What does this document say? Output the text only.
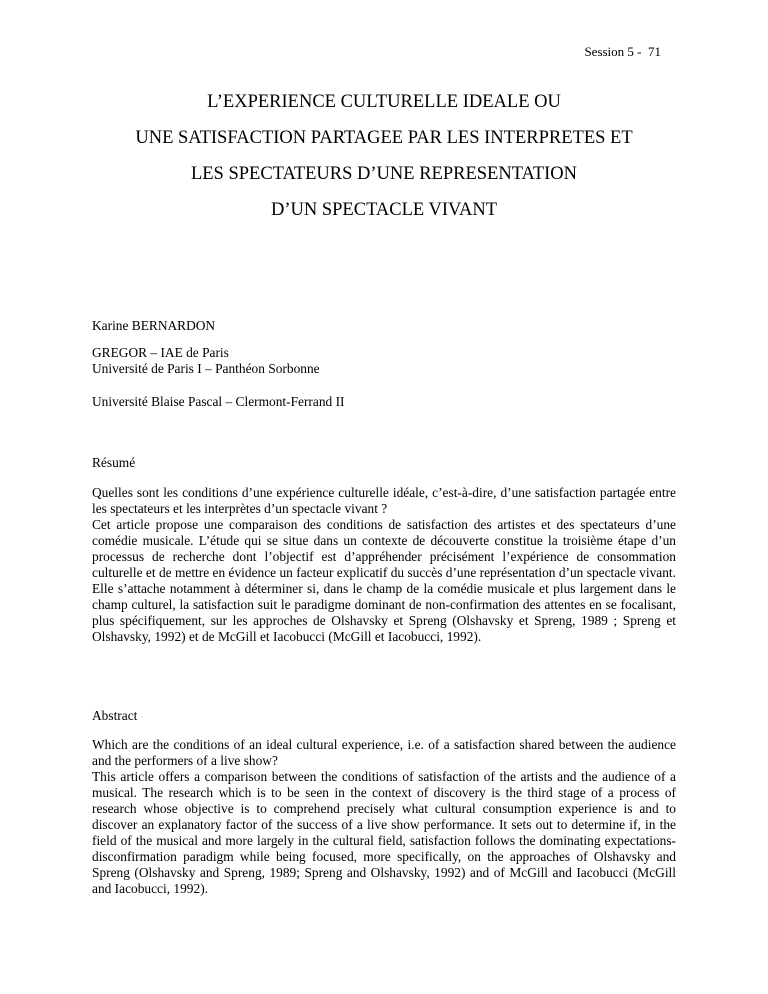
Session 5 -  71
L’EXPERIENCE CULTURELLE IDEALE OU
UNE SATISFACTION PARTAGEE PAR LES INTERPRETES ET
LES SPECTATEURS D’UNE REPRESENTATION
D’UN SPECTACLE VIVANT
Karine BERNARDON
GREGOR – IAE de Paris
Université de Paris I – Panthéon Sorbonne
Université Blaise Pascal – Clermont-Ferrand II
Résumé
Quelles sont les conditions d’une expérience culturelle idéale, c’est-à-dire, d’une satisfaction partagée entre les spectateurs et les interprètes d’un spectacle vivant ?
Cet article propose une comparaison des conditions de satisfaction des artistes et des spectateurs d’une comédie musicale. L’étude qui se situe dans un contexte de découverte constitue la troisième étape d’un processus de recherche dont l’objectif est d’appréhender précisément l’expérience de consommation culturelle et de mettre en évidence un facteur explicatif du succès d’une représentation d’un spectacle vivant. Elle s’attache notamment à déterminer si, dans le champ de la comédie musicale et plus largement dans le champ culturel, la satisfaction suit le paradigme dominant de non-confirmation des attentes en se focalisant, plus spécifiquement, sur les approches de Olshavsky et Spreng (Olshavsky et Spreng, 1989 ; Spreng et Olshavsky, 1992) et de McGill et Iacobucci (McGill et Iacobucci, 1992).
Abstract
Which are the conditions of an ideal cultural experience, i.e. of a satisfaction shared between the audience and the performers of a live show?
This article offers a comparison between the conditions of satisfaction of the artists and the audience of a musical. The research which is to be seen in the context of discovery is the third stage of a process of research whose objective is to comprehend precisely what cultural consumption experience is and to discover an explanatory factor of the success of a live show performance. It sets out to determine if, in the field of the musical and more largely in the cultural field, satisfaction follows the dominating expectations-disconfirmation paradigm while being focused, more specifically, on the approaches of Olshavsky and Spreng (Olshavsky and Spreng, 1989; Spreng and Olshavsky, 1992) and of McGill and Iacobucci (McGill and Iacobucci, 1992).
